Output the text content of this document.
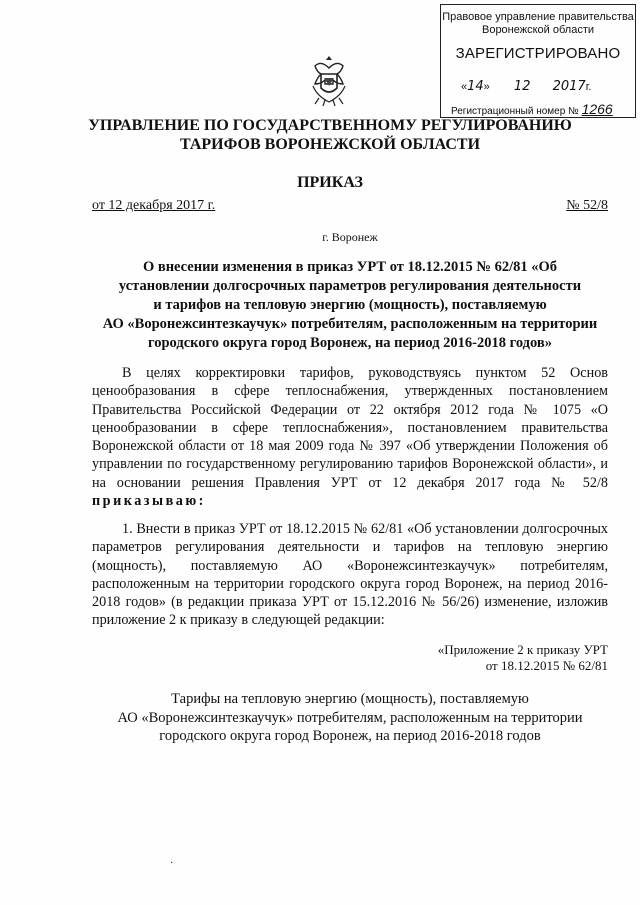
Правовое управление правительства
Воронежской области
ЗАРЕГИСТРИРОВАНО
«14»  12 2017г.
Регистрационный номер № 1266
УПРАВЛЕНИЕ ПО ГОСУДАРСТВЕННОМУ РЕГУЛИРОВАНИЮ
ТАРИФОВ ВОРОНЕЖСКОЙ ОБЛАСТИ
ПРИКАЗ
от 12 декабря 2017 г.	№ 52/8
г. Воронеж
О внесении изменения в приказ УРТ от 18.12.2015 № 62/81 «Об
установлении долгосрочных параметров регулирования деятельности
и тарифов на тепловую энергию (мощность), поставляемую
АО «Воронежсинтезкаучук» потребителям, расположенным на территории
городского округа город Воронеж, на период 2016-2018 годов»
В целях корректировки тарифов, руководствуясь пунктом 52 Основ ценообразования в сфере теплоснабжения, утвержденных постановлением Правительства Российской Федерации от 22 октября 2012 года № 1075 «О ценообразовании в сфере теплоснабжения», постановлением правительства Воронежской области от 18 мая 2009 года № 397 «Об утверждении Положения об управлении по государственному регулированию тарифов Воронежской области», и на основании решения Правления УРТ от 12 декабря 2017 года № 52/8 приказываю:
1. Внести в приказ УРТ от 18.12.2015 № 62/81 «Об установлении долгосрочных параметров регулирования деятельности и тарифов на тепловую энергию (мощность), поставляемую АО «Воронежсинтезкаучук» потребителям, расположенным на территории городского округа город Воронеж, на период 2016-2018 годов» (в редакции приказа УРТ от 15.12.2016 № 56/26) изменение, изложив приложение 2 к приказу в следующей редакции:
«Приложение 2 к приказу УРТ
от 18.12.2015 № 62/81
Тарифы на тепловую энергию (мощность), поставляемую
АО «Воронежсинтезкаучук» потребителям, расположенным на территории
городского округа город Воронеж, на период 2016-2018 годов
·
